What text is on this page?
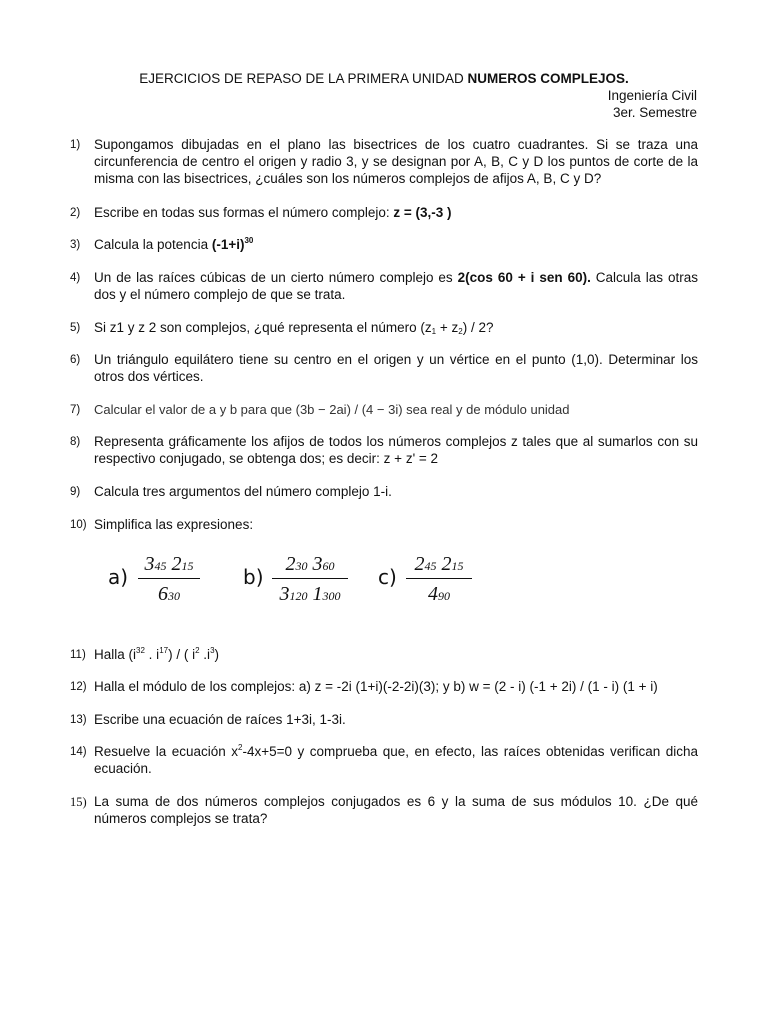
EJERCICIOS DE REPASO DE LA PRIMERA UNIDAD NUMEROS COMPLEJOS.
Ingeniería Civil
3er. Semestre
1)	Supongamos dibujadas en el plano las bisectrices de los cuatro cuadrantes. Si se traza una circunferencia de centro el origen y radio 3, y se designan por A, B, C y D los puntos de corte de la misma con las bisectrices, ¿cuáles son los números complejos de afijos A, B, C y D?
2)	Escribe en todas sus formas el número complejo: z = (3,-3 )
3)	Calcula la potencia $(-1+i)^{30}$
4)	Un de las raíces cúbicas de un cierto número complejo es 2(cos 60 + i sen 60). Calcula las otras dos y el número complejo de que se trata.
5)	Si z1 y z 2 son complejos, ¿qué representa el número $(z_1 + z_2) / 2$?
6)	Un triángulo equilátero tiene su centro en el origen y un vértice en el punto (1,0). Determinar los otros dos vértices.
7)	Calcular el valor de a y b para que (3b − 2ai) / (4 − 3i) sea real y de módulo unidad
8)	Representa gráficamente los afijos de todos los números complejos z tales que al sumarlos con su respectivo conjugado, se obtenga dos; es decir: z + z' = 2
9)	Calcula tres argumentos del número complejo 1-i.
10) Simplifica las expresiones:
$a) \frac{345 215}{630} b) \frac{230 360}{3120 1300} c) \frac{245 215}{490}$
11) Halla ($i^{32}$ . $i^{17}$) / ( $i^2$ $.i^3$)
12) Halla el módulo de los complejos: a) z = -2i (1+i)(-2-2i)(3); y b) w = (2 - i) (-1 + 2i) / (1 - i) (1 + i)
13) Escribe una ecuación de raíces 1+3i, 1-3i.
14) Resuelve la ecuación $x^2-4x+5=0$ y comprueba que, en efecto, las raíces obtenidas verifican dicha ecuación.
15) La suma de dos números complejos conjugados es 6 y la suma de sus módulos 10. ¿De qué números complejos se trata?
